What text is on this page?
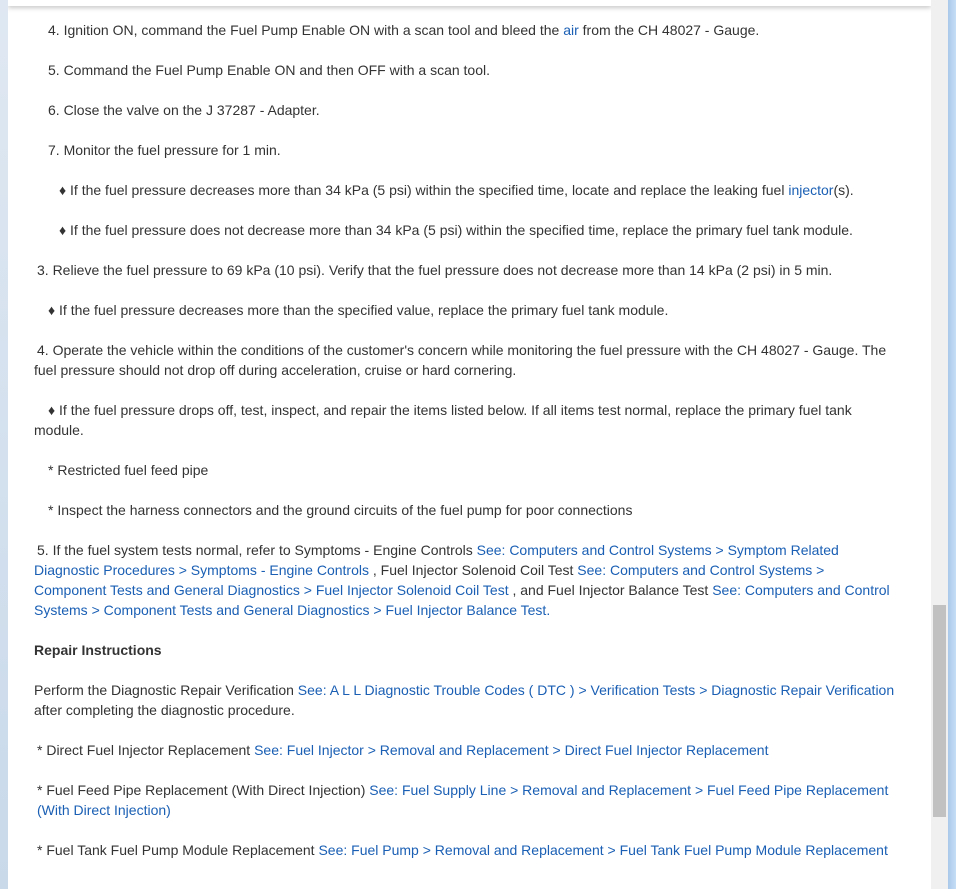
4. Ignition ON, command the Fuel Pump Enable ON with a scan tool and bleed the air from the CH 48027 - Gauge.

5. Command the Fuel Pump Enable ON and then OFF with a scan tool.

6. Close the valve on the J 37287 - Adapter.

7. Monitor the fuel pressure for 1 min.

♦ If the fuel pressure decreases more than 34 kPa (5 psi) within the specified time, locate and replace the leaking fuel injector(s).

♦ If the fuel pressure does not decrease more than 34 kPa (5 psi) within the specified time, replace the primary fuel tank module.

3. Relieve the fuel pressure to 69 kPa (10 psi). Verify that the fuel pressure does not decrease more than 14 kPa (2 psi) in 5 min.

♦ If the fuel pressure decreases more than the specified value, replace the primary fuel tank module.

4. Operate the vehicle within the conditions of the customer's concern while monitoring the fuel pressure with the CH 48027 - Gauge. The fuel pressure should not drop off during acceleration, cruise or hard cornering.

♦ If the fuel pressure drops off, test, inspect, and repair the items listed below. If all items test normal, replace the primary fuel tank module.

* Restricted fuel feed pipe

* Inspect the harness connectors and the ground circuits of the fuel pump for poor connections

5. If the fuel system tests normal, refer to Symptoms - Engine Controls See: Computers and Control Systems > Symptom Related Diagnostic Procedures > Symptoms - Engine Controls , Fuel Injector Solenoid Coil Test See: Computers and Control Systems > Component Tests and General Diagnostics > Fuel Injector Solenoid Coil Test , and Fuel Injector Balance Test See: Computers and Control Systems > Component Tests and General Diagnostics > Fuel Injector Balance Test.

Repair Instructions

Perform the Diagnostic Repair Verification See: A L L Diagnostic Trouble Codes ( DTC ) > Verification Tests > Diagnostic Repair Verification after completing the diagnostic procedure.

* Direct Fuel Injector Replacement See: Fuel Injector > Removal and Replacement > Direct Fuel Injector Replacement

* Fuel Feed Pipe Replacement (With Direct Injection) See: Fuel Supply Line > Removal and Replacement > Fuel Feed Pipe Replacement (With Direct Injection)

* Fuel Tank Fuel Pump Module Replacement See: Fuel Pump > Removal and Replacement > Fuel Tank Fuel Pump Module Replacement
